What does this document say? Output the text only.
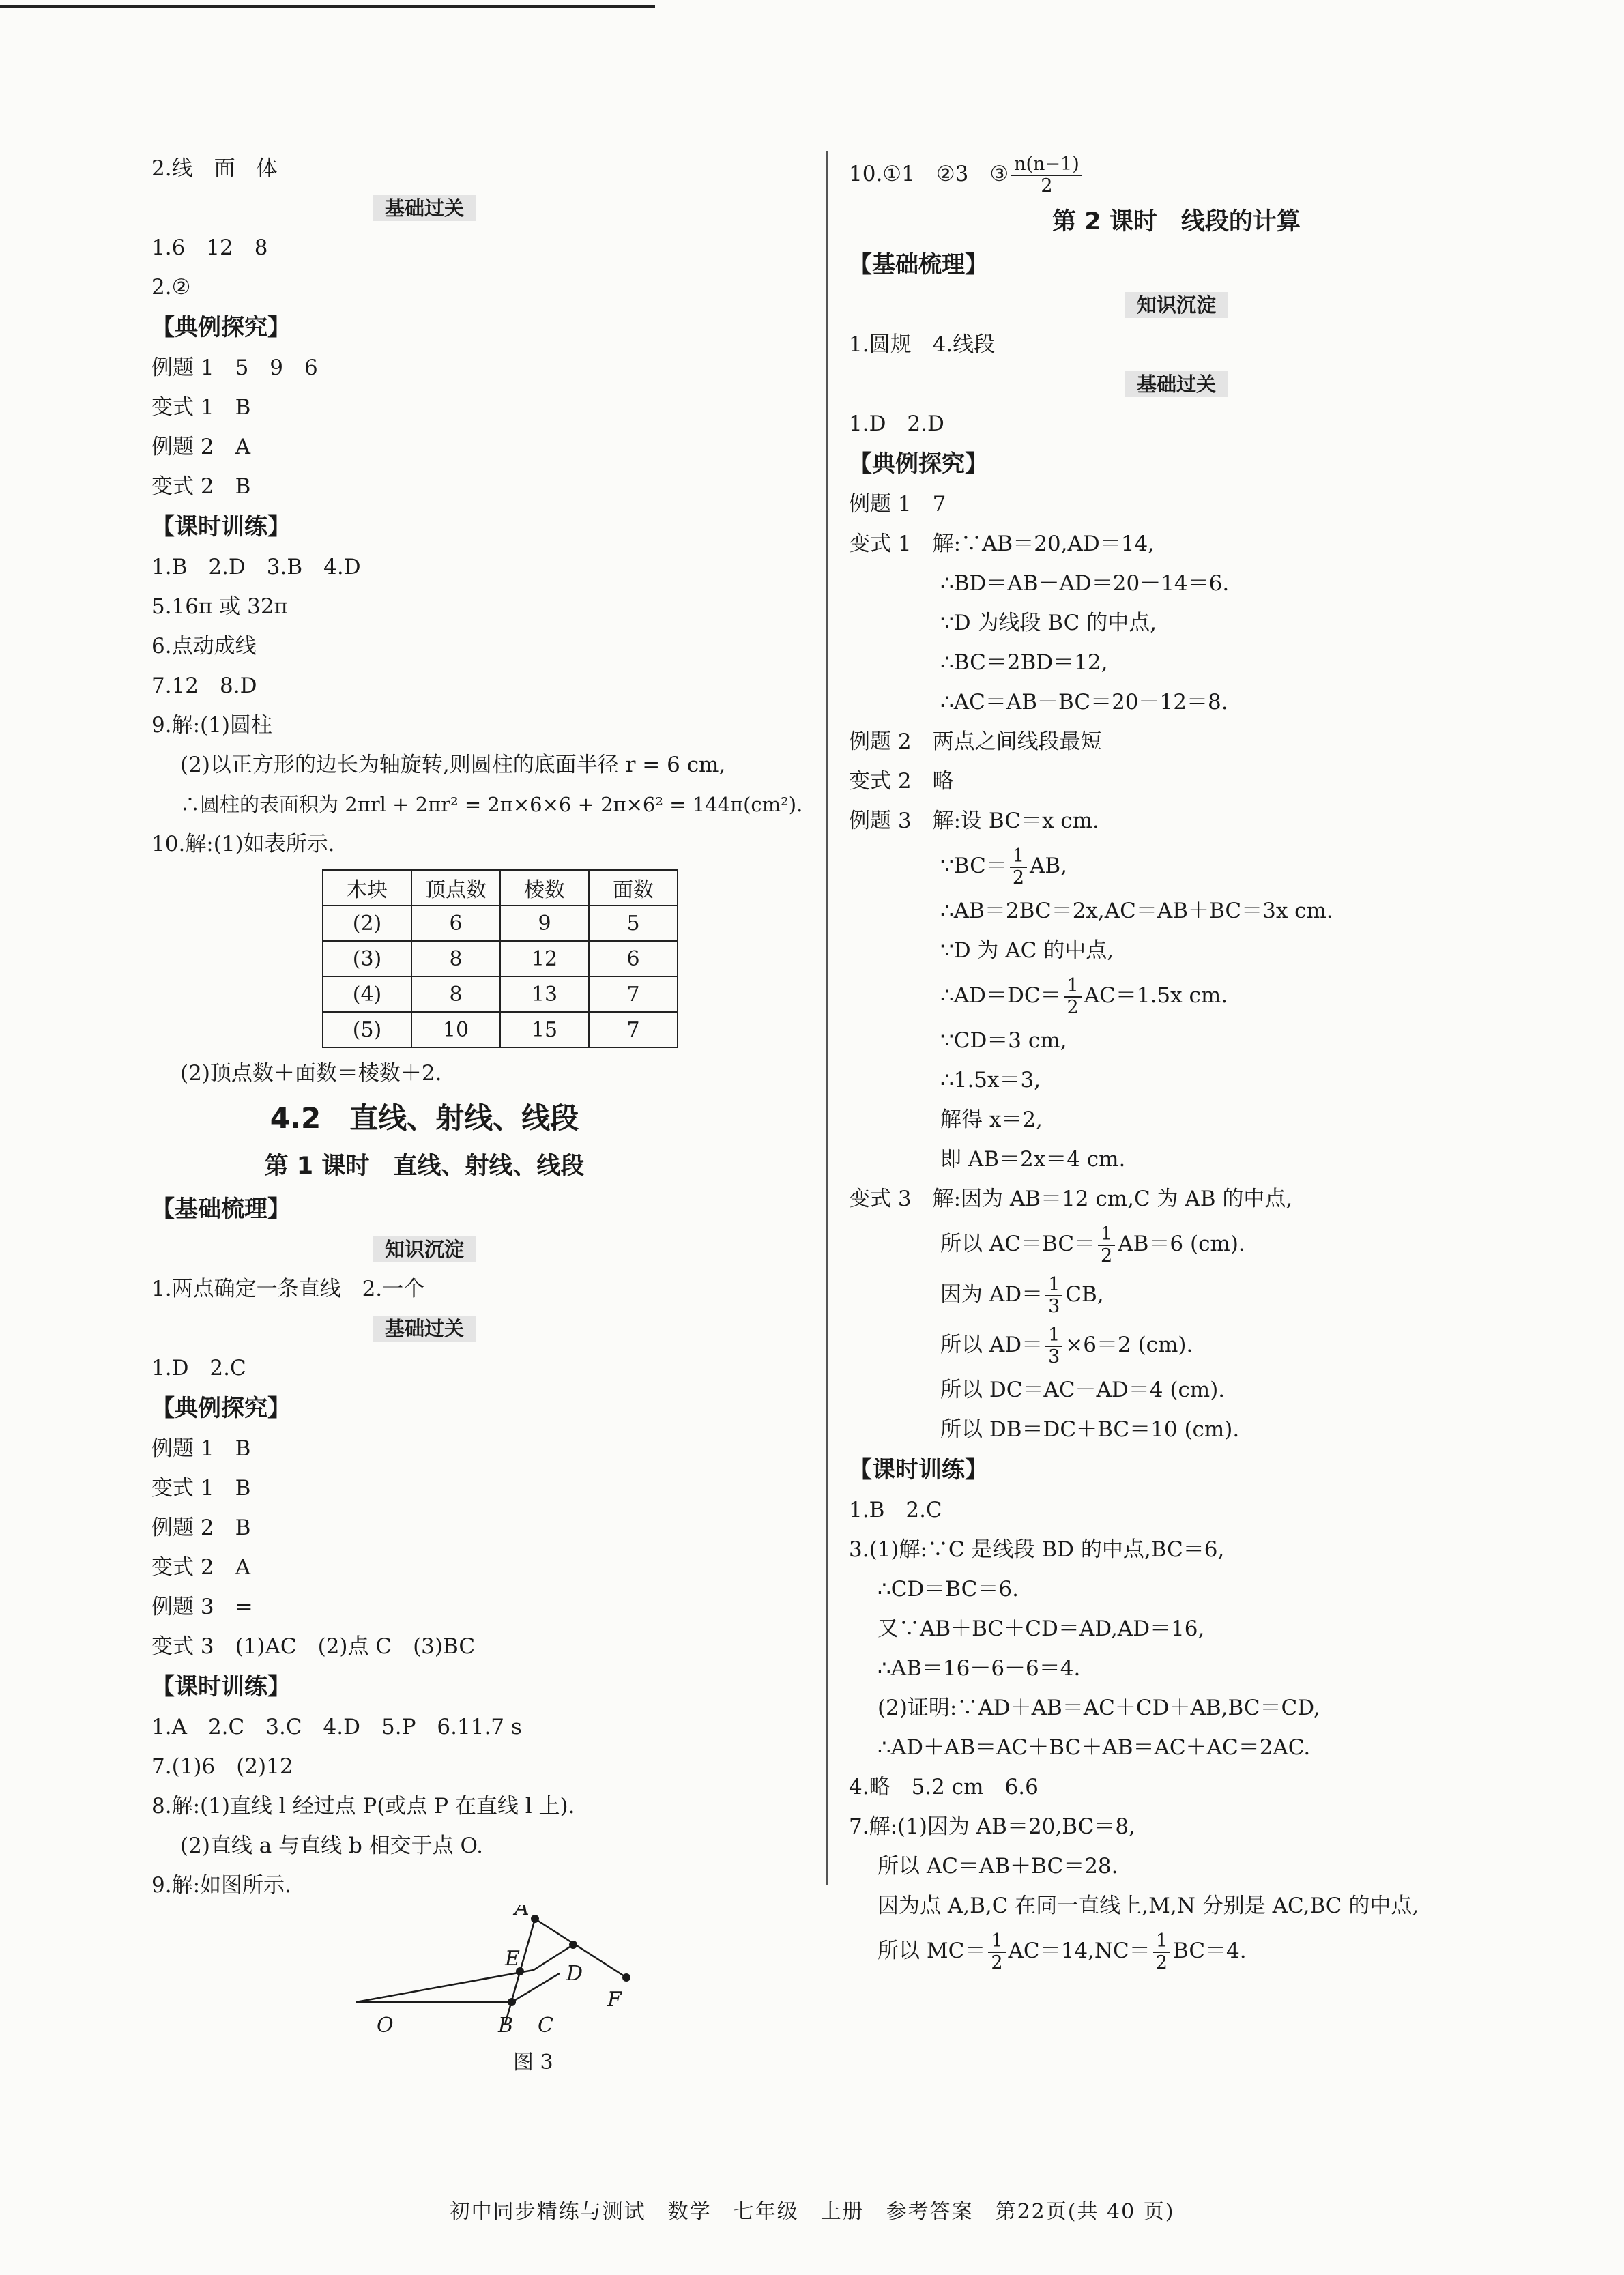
2.线　面　体
基础过关
1.6　12　8
2.②
【典例探究】
例题 1　5　9　6
变式 1　B
例题 2　A
变式 2　B
【课时训练】
1.B　2.D　3.B　4.D
5.16π 或 32π
6.点动成线
7.12　8.D
9.解:(1)圆柱
(2)以正方形的边长为轴旋转,则圆柱的底面半径 r = 6 cm,
∴圆柱的表面积为 2πrl + 2πr² = 2π×6×6 + 2π×6² = 144π(cm²).
10.解:(1)如表所示.
木块	顶点数	棱数	面数
(2)	6	9	5
(3)	8	12	6
(4)	8	13	7
(5)	10	15	7
(2)顶点数＋面数＝棱数＋2.
4.2　直线、射线、线段
第 1 课时　直线、射线、线段
【基础梳理】
知识沉淀
1.两点确定一条直线　2.一个
基础过关
1.D　2.C
【典例探究】
例题 1　B
变式 1　B
例题 2　B
变式 2　A
例题 3　=
变式 3　(1)AC　(2)点 C　(3)BC
【课时训练】
1.A　2.C　3.C　4.D　5.P　6.11.7 s
7.(1)6　(2)12
8.解:(1)直线 l 经过点 P(或点 P 在直线 l 上).
(2)直线 a 与直线 b 相交于点 O.
9.解:如图所示.
A
E
D
F
O	B C
图 3
10.①1　②3　③ $\frac{n(n-1)}{2}$
第 2 课时　线段的计算
【基础梳理】
知识沉淀
1.圆规　4.线段
基础过关
1.D　2.D
【典例探究】
例题 1　7
变式 1　解:∵AB＝20,AD＝14,
∴BD＝AB－AD＝20－14＝6.
∵D 为线段 BC 的中点,
∴BC＝2BD＝12,
∴AC＝AB－BC＝20－12＝8.
例题 2　两点之间线段最短
变式 2　略
例题 3　解:设 BC＝x cm.
∵BC＝ $\frac{1}{2}$ AB,
∴AB＝2BC＝2x,AC＝AB＋BC＝3x cm.
∵D 为 AC 的中点,
∴AD＝DC＝ $\frac{1}{2} AC=1.5x$ cm.
∵CD＝3 cm,
∴1.5x＝3,
解得 x＝2,
即 AB＝2x＝4 cm.
变式 3　解:因为 AB＝12 cm,C 为 AB 的中点,
所以 $AC=BC= \frac{1}{2} AB=6$ (cm).
因为 $AD= \frac{1}{3}$ CB,
所以 $AD= \frac{1}{3} \times 6=2$ (cm).
所以 DC＝AC－AD＝4 (cm).
所以 DB＝DC＋BC＝10 (cm).
【课时训练】
1.B　2.C
3.(1)解:∵C 是线段 BD 的中点,BC＝6,
∴CD＝BC＝6.
又∵AB＋BC＋CD＝AD,AD＝16,
∴AB＝16－6－6＝4.
(2)证明:∵AD＋AB＝AC＋CD＋AB,BC＝CD,
∴AD＋AB＝AC＋BC＋AB＝AC＋AC＝2AC.
4.略　5.2 cm　6.6
7.解:(1)因为 AB＝20,BC＝8,
所以 AC＝AB＋BC＝28.
因为点 A,B,C 在同一直线上,M,N 分别是 AC,BC 的中点,
所以 $MC= \frac{1}{2} AC=14,NC= \frac{1}{2} BC=4$.
初中同步精练与测试　数学　七年级　上册　参考答案　第22页(共 40 页)
